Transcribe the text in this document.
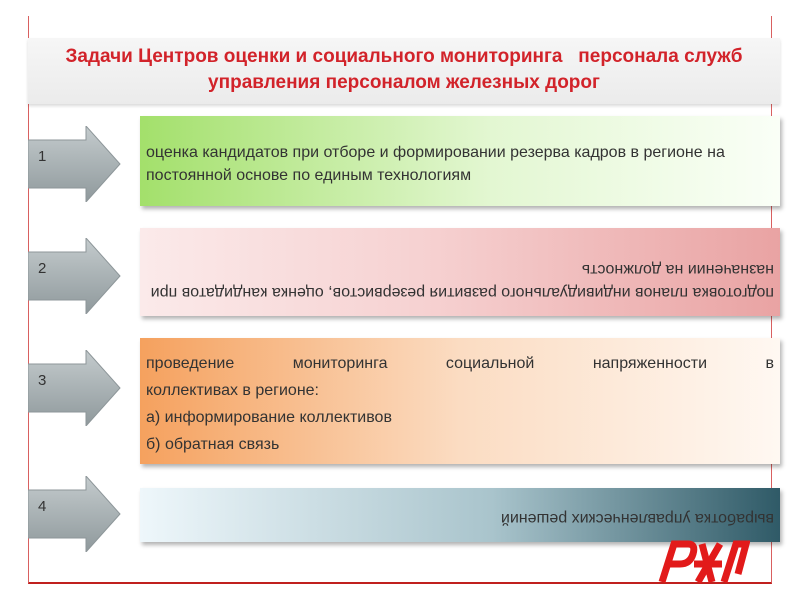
Задачи Центров оценки и социального мониторинга   персонала служб управления персоналом железных дорог
1
2
3
4
оценка кандидатов при отборе и формировании резерва кадров в регионе на постоянной основе по единым технологиям
подготовка планов индивидуального развития резервистов, оценка кандидатов при назначении на должность
проведение мониторинга социальной напряженности в
коллективах в регионе:
а) информирование коллективов
б) обратная связь
выработка управленческих решений
